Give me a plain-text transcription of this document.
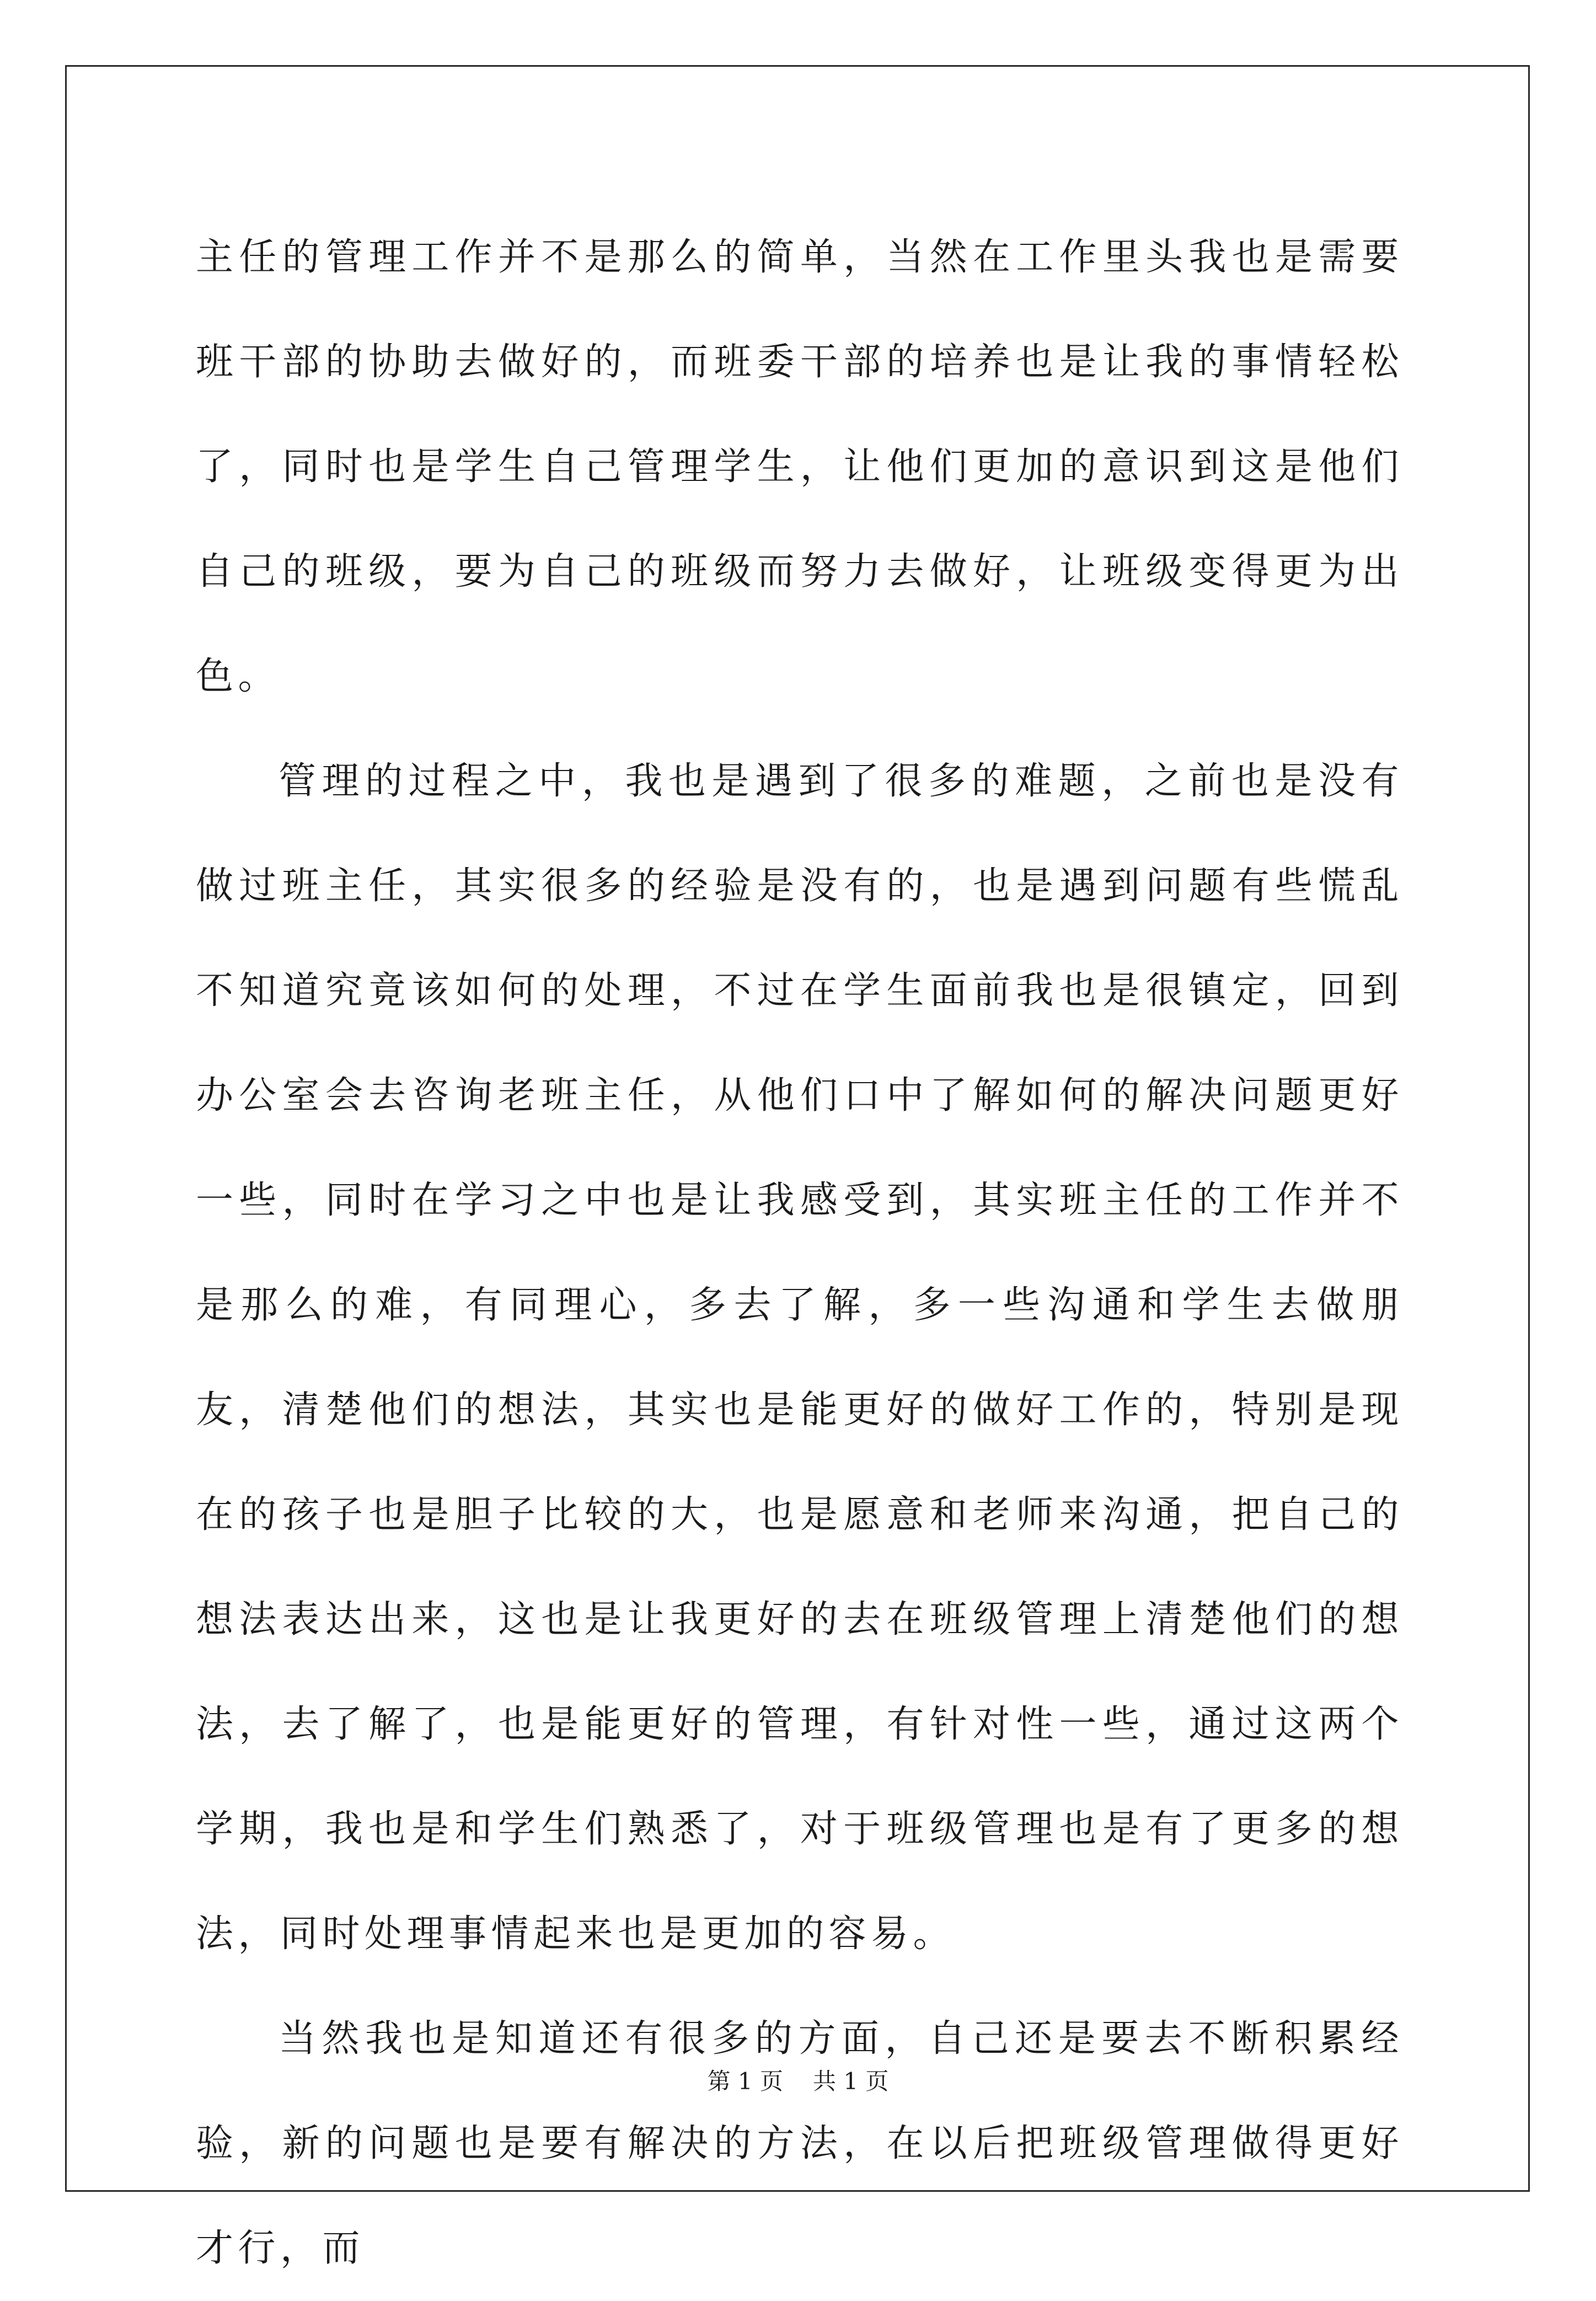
主任的管理工作并不是那么的简单，当然在工作里头我也是需要班干部的协助去做好的，而班委干部的培养也是让我的事情轻松了，同时也是学生自己管理学生，让他们更加的意识到这是他们自己的班级，要为自己的班级而努力去做好，让班级变得更为出色。

管理的过程之中，我也是遇到了很多的难题，之前也是没有做过班主任，其实很多的经验是没有的，也是遇到问题有些慌乱不知道究竟该如何的处理，不过在学生面前我也是很镇定，回到办公室会去咨询老班主任，从他们口中了解如何的解决问题更好一些，同时在学习之中也是让我感受到，其实班主任的工作并不是那么的难，有同理心，多去了解，多一些沟通和学生去做朋友，清楚他们的想法，其实也是能更好的做好工作的，特别是现在的孩子也是胆子比较的大，也是愿意和老师来沟通，把自己的想法表达出来，这也是让我更好的去在班级管理上清楚他们的想法，去了解了，也是能更好的管理，有针对性一些，通过这两个学期，我也是和学生们熟悉了，对于班级管理也是有了更多的想法，同时处理事情起来也是更加的容易。

当然我也是知道还有很多的方面，自己还是要去不断积累经验，新的问题也是要有解决的方法，在以后把班级管理做得更好才行，而

第 1 页 共 1 页
